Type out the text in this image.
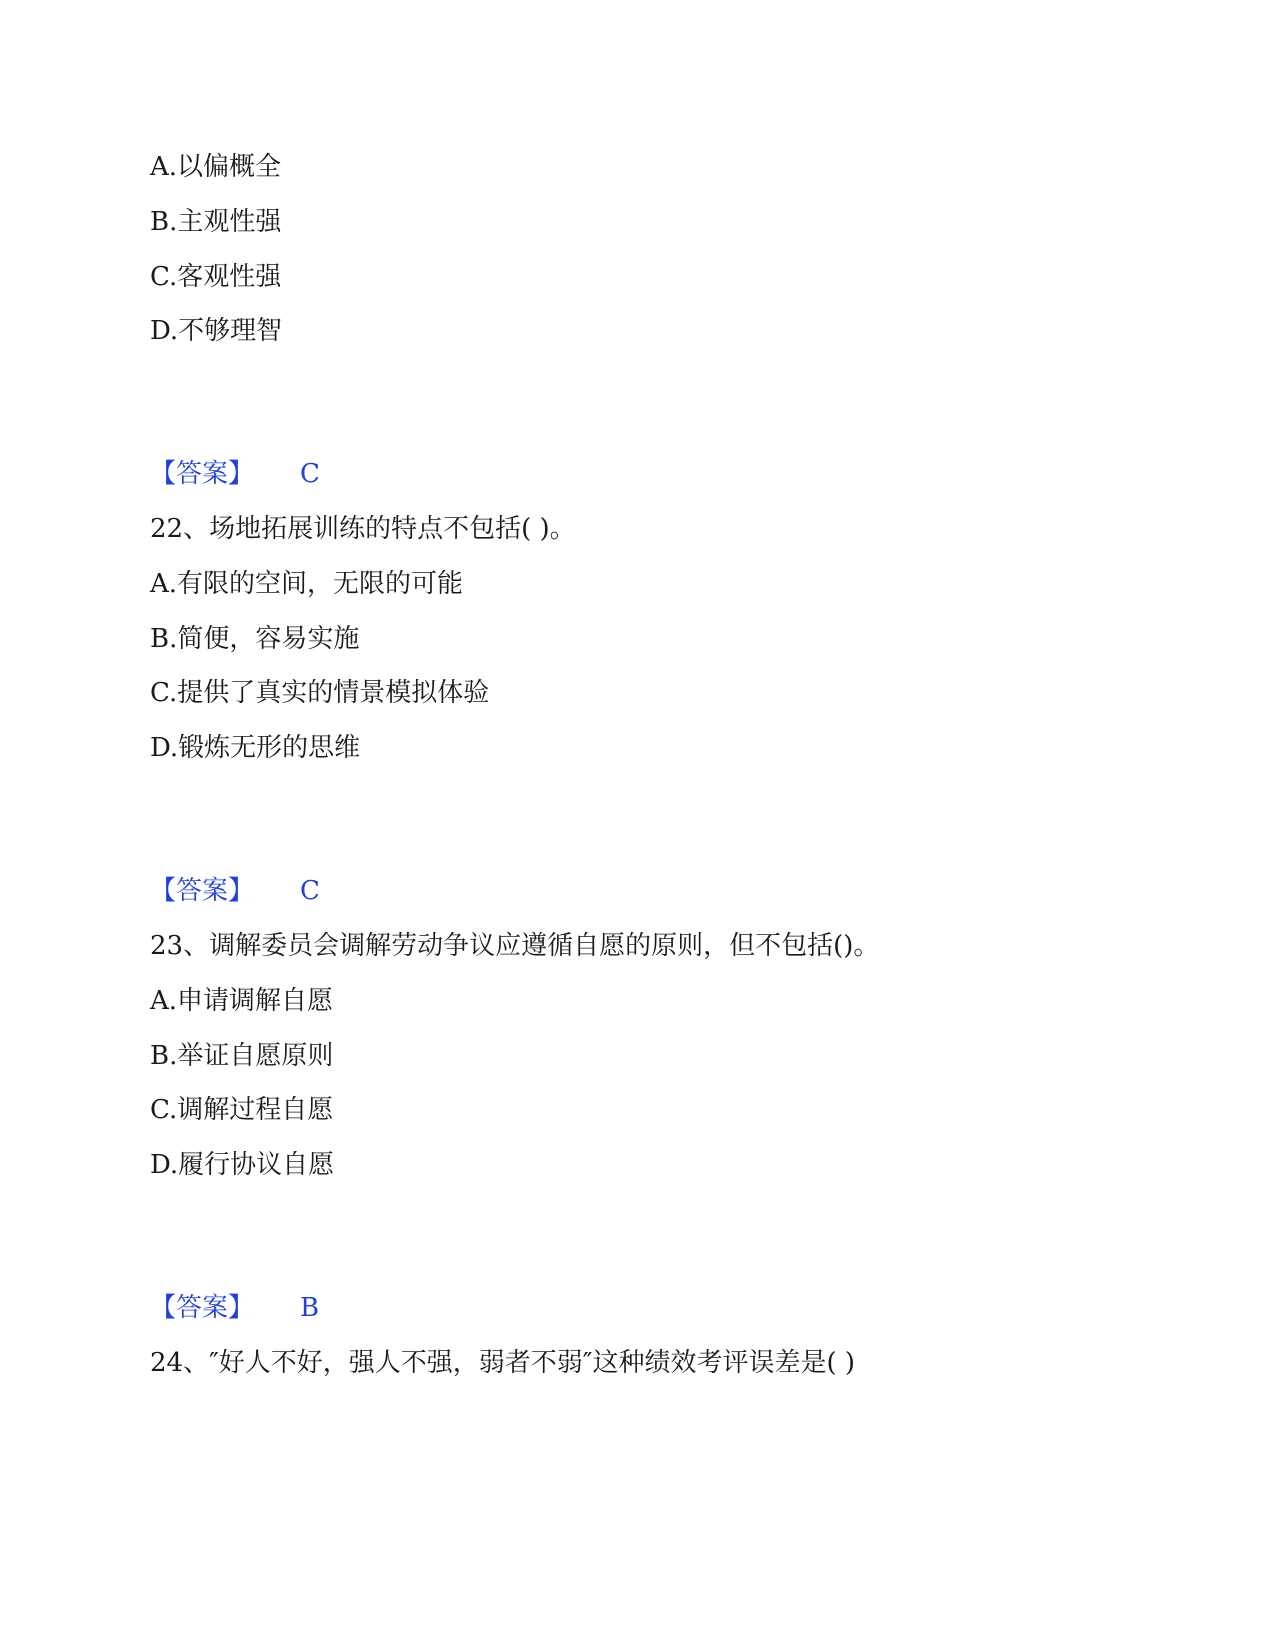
A.以偏概全
B.主观性强
C.客观性强
D.不够理智
【答案】 C
22、场地拓展训练的特点不包括( )。
A.有限的空间，无限的可能
B.简便，容易实施
C.提供了真实的情景模拟体验
D.锻炼无形的思维
【答案】 C
23、调解委员会调解劳动争议应遵循自愿的原则，但不包括()。
A.申请调解自愿
B.举证自愿原则
C.调解过程自愿
D.履行协议自愿
【答案】 B
24、″好人不好，强人不强，弱者不弱″这种绩效考评误差是( )
